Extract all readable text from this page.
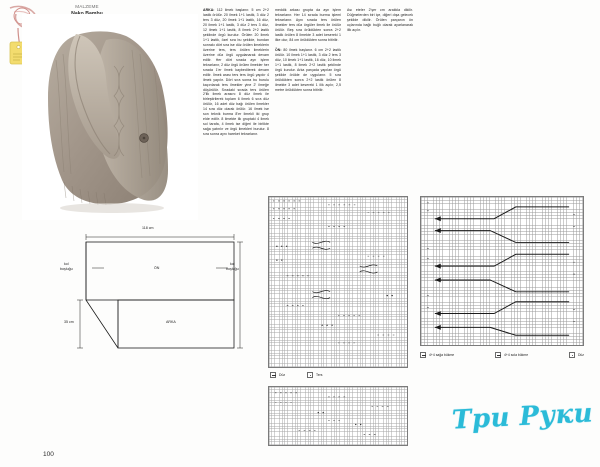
MALZEME
ARKA: 112 ilmek başlanır. 5 cm 2+2 lastik örülür. 20 ilmek 1+1 lastik, 3 düz 2 ters 3 düz, 20 ilmek 1+1 lastik, 16 düz, 20 ilmek 1+1 lastik, 3 düz 2 ters 3 düz, 12 ilmek 1+1 lastik, 8 ilmek 2+2 lastik şeklinde örgü kurulur. Örülen 20 ilmek 1+1 lastik, özel sıra bu şekilde, bundan sonrakı dört sıra ise düz örülen ilmeklerin üzerine ters, ters örülen ilmeklerin üzerine düz örgü uygulanarak devam edilir. Her dört sırada ayrı işlem tekrarlanır, 2 düz örgü örülen ilmekler her sırada 1'er ilmek kaybedilerek devam edilir. İlmek arası ters ters örgü yapılır 4 ilmek yapılır. Dört sıra sonra bu burulu kaçırılarak ters ilmekler yine 2' ilmeğe düşürülür. Sıradaki sırada ters örülen 2'lik ilmek arasını 8 düz ilmek ile birleştirilerek toplam 6 ilmek 6 sıra düz örülür, 16 adet düz bağı örülen ilmekler 14 sıra düz olarak örülür. 16 ilmek ise son teknik burma 8'er ilmekli iki grup elde edilir. 8 ilmekte ilk gruptaki 4 ilmek sol tarafa, 4 ilmek ise diğeri ile birlikte sağa yatırılır ve örgü ilmekleri burulur. 8 sıra sonra aynı hareket tekrarlanır.
meddik arkası grupta da ayrı işlem tekrarlanır. Her 14 sırada burma işlemi tekrarlanır. Aynı sırada ters örülen ilmekler ters düz örgüler ilmek ile örülür örülür. Beş sıra örüldükten sonra 2+2 lastik örülen 8 ilmekte 3 adet kesereki 1 ilke olur, 84 cm örüldükten sonra bitirilir.

ÖN: 80 ilmek başlanır. 6 cm 2+2 lastik örülür. 10 ilmek 1+1 lastik, 3 düz 2 ters 3 düz, 10 ilmek 1+1 lastik, 16 düz, 10 ilmek 1+1 lastik, 8 ilmek 2+2 lastik şeklinde örgü kurulur. Arka parçada yapılan örgü şekilde örülde de uygulanır. 5 sıra örüldükten sonra 2+2 lastik örülen 8 ilmekte 3 adet kesereki 1 ilik açılır, 2,5 metre örüldükten sonra bitirilir.
Ası eteler 2'şer cm aralıkla dikilir. Düğmelerden biri içe, diğeri dışa gelecek şekilde dikilir. Örülen parçanın ön uçlarında bağlı buğlı olarak ayarlanarak ilik açılır.
118 cm
ÖN
ARKA
kol
boşluğu
kol
boşluğu
35 cm
Düz	Ters
4+4 sağa bükme	4+4 sola bükme	Düz
Три Руки
100
